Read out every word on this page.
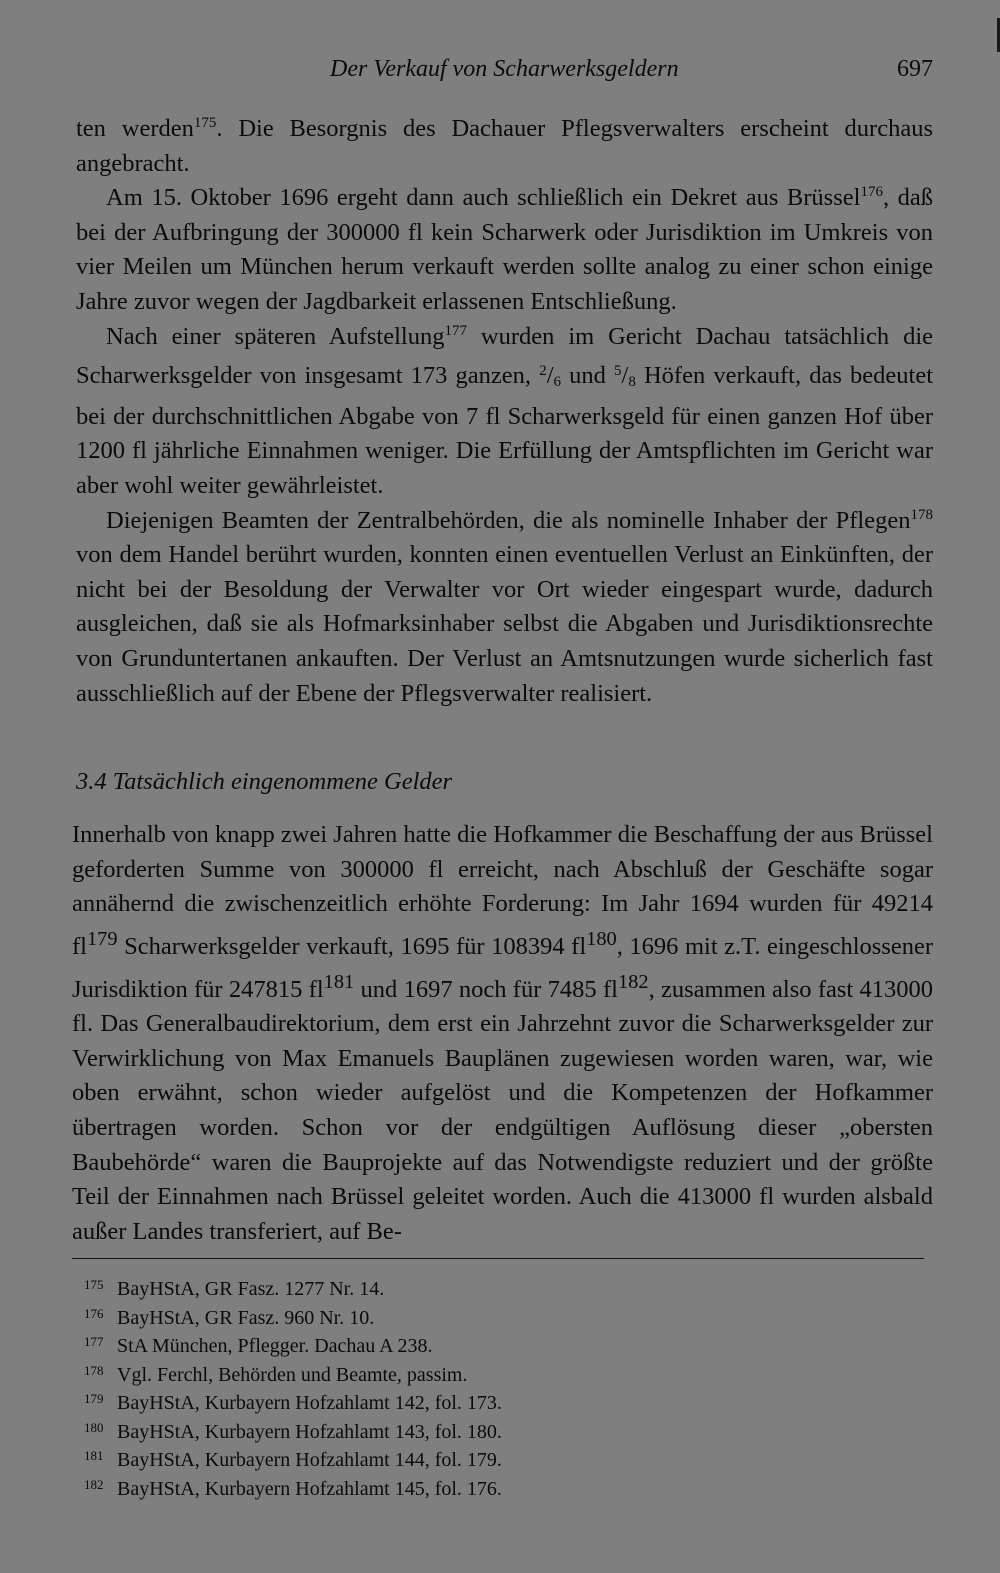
Der Verkauf von Scharwerksgeldern	697

ten werden$^{175}$. Die Besorgnis des Dachauer Pflegsverwalters erscheint durchaus angebracht.

Am 15. Oktober 1696 ergeht dann auch schließlich ein Dekret aus Brüssel$^{176}$, daß bei der Aufbringung der 300000 fl kein Scharwerk oder Jurisdiktion im Umkreis von vier Meilen um München herum verkauft werden sollte analog zu einer schon einige Jahre zuvor wegen der Jagdbarkeit erlassenen Entschließung.

Nach einer späteren Aufstellung$^{177}$ wurden im Gericht Dachau tatsächlich die Scharwerksgelder von insgesamt 173 ganzen, $^2$/6 und $^5$/8 Höfen verkauft, das bedeutet bei der durchschnittlichen Abgabe von 7 fl Scharwerksgeld für einen ganzen Hof über 1200 fl jährliche Einnahmen weniger. Die Erfüllung der Amtspflichten im Gericht war aber wohl weiter gewährleistet.

Diejenigen Beamten der Zentralbehörden, die als nominelle Inhaber der Pflegen$^{178}$ von dem Handel berührt wurden, konnten einen eventuellen Verlust an Einkünften, der nicht bei der Besoldung der Verwalter vor Ort wieder eingespart wurde, dadurch ausgleichen, daß sie als Hofmarksinhaber selbst die Abgaben und Jurisdiktionsrechte von Grunduntertanen ankauften. Der Verlust an Amtsnutzungen wurde sicherlich fast ausschließlich auf der Ebene der Pflegsverwalter realisiert.

3.4 Tatsächlich eingenommene Gelder

Innerhalb von knapp zwei Jahren hatte die Hofkammer die Beschaffung der aus Brüssel geforderten Summe von 300000 fl erreicht, nach Abschluß der Geschäfte sogar annähernd die zwischenzeitlich erhöhte Forderung: Im Jahr 1694 wurden für 49214 $fl^{179}$ Scharwerksgelder verkauft, 1695 für 108394 $fl^{180}$, 1696 mit z.T. eingeschlossener Jurisdiktion für 247815 $fl^{181}$ und 1697 noch für 7485 $fl^{182}$, zusammen also fast 413000 fl. Das Generalbaudirektorium, dem erst ein Jahrzehnt zuvor die Scharwerksgelder zur Verwirklichung von Max Emanuels Bauplänen zugewiesen worden waren, war, wie oben erwähnt, schon wieder aufgelöst und die Kompetenzen der Hofkammer übertragen worden. Schon vor der endgültigen Auflösung dieser „obersten Baubehörde“ waren die Bauprojekte auf das Notwendigste reduziert und der größte Teil der Einnahmen nach Brüssel geleitet worden. Auch die 413000 fl wurden alsbald außer Landes transferiert, auf Be-

175 BayHStA, GR Fasz. 1277 Nr. 14.
176 BayHStA, GR Fasz. 960 Nr. 10.
177 StA München, Pflegger. Dachau A 238.
178 Vgl. Ferchl, Behörden und Beamte, passim.
179 BayHStA, Kurbayern Hofzahlamt 142, fol. 173.
180 BayHStA, Kurbayern Hofzahlamt 143, fol. 180.
181 BayHStA, Kurbayern Hofzahlamt 144, fol. 179.
182 BayHStA, Kurbayern Hofzahlamt 145, fol. 176.
